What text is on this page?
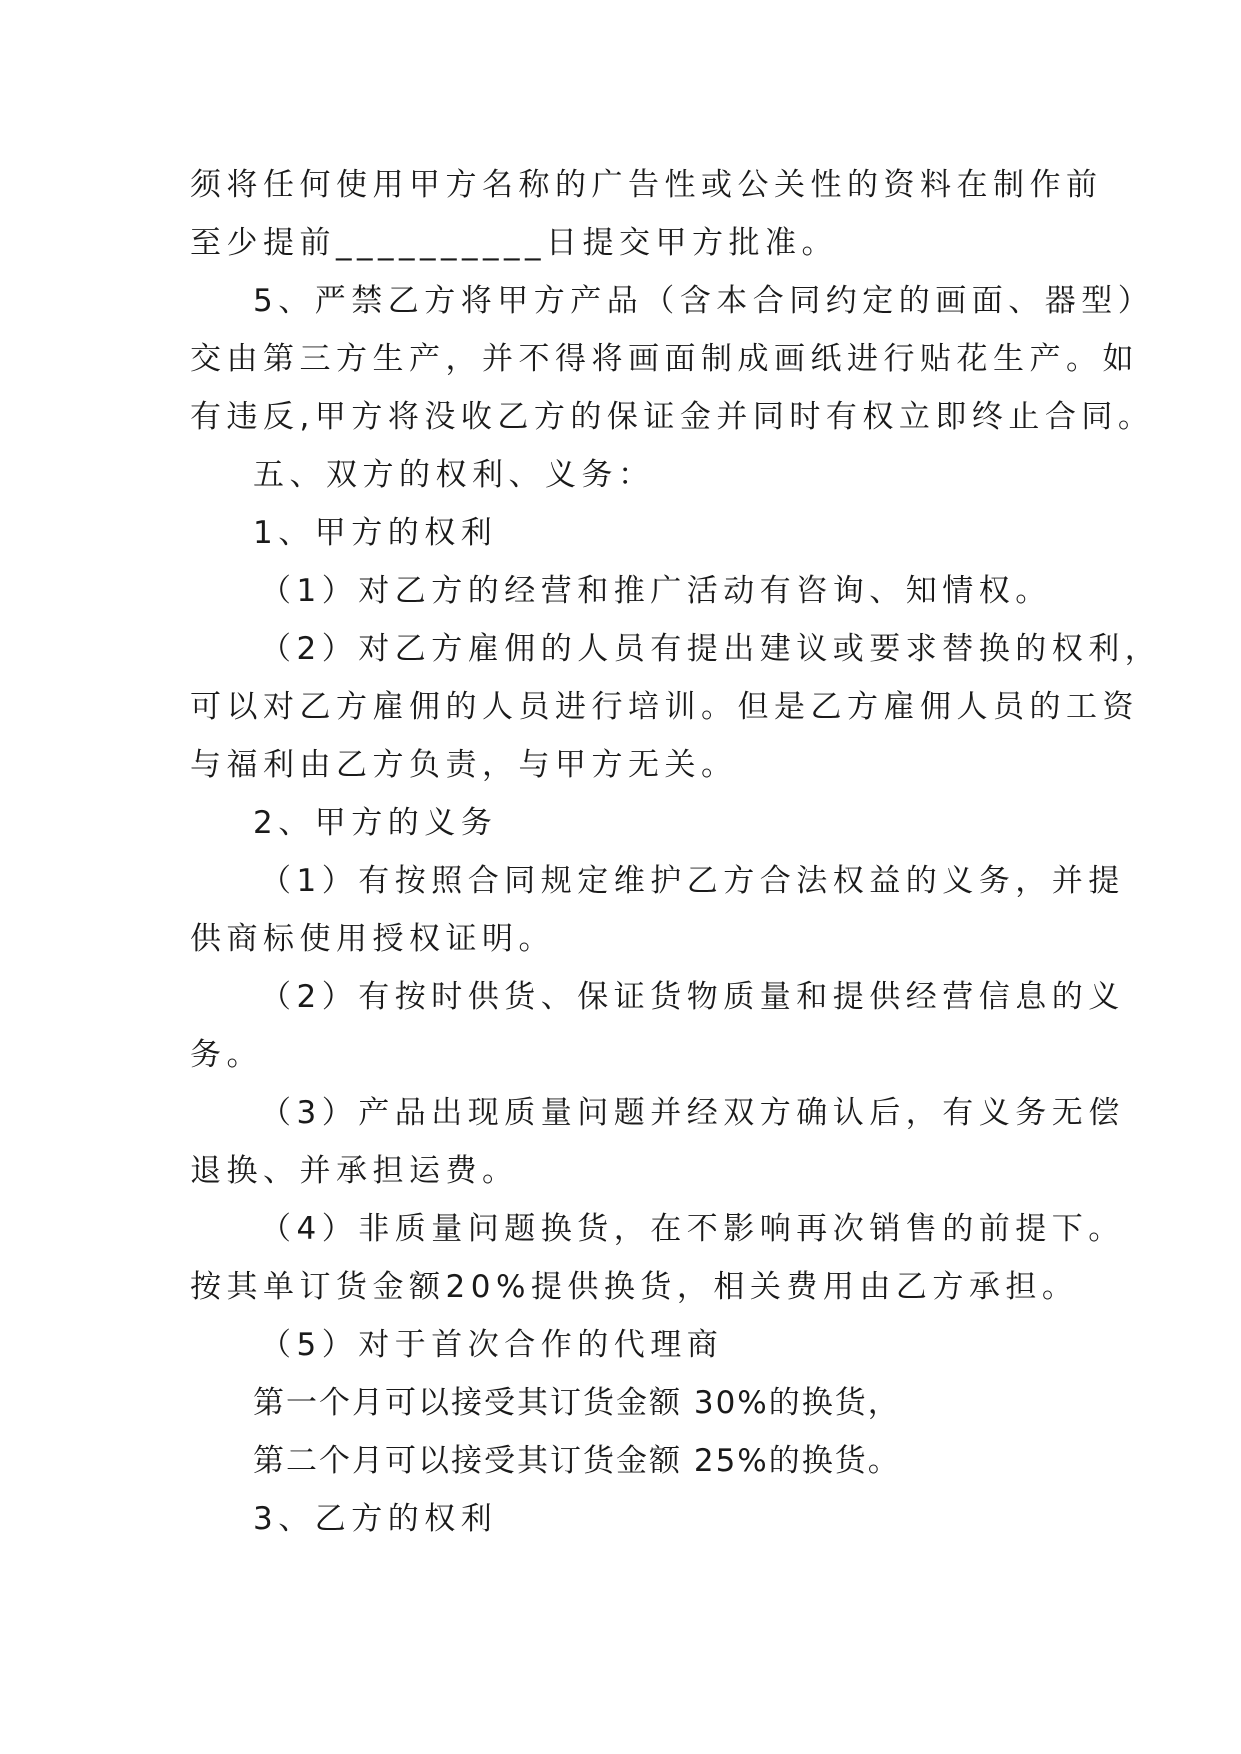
须将任何使用甲方名称的广告性或公关性的资料在制作前

至少提前__________日提交甲方批准。

5、严禁乙方将甲方产品（含本合同约定的画面、器型）

交由第三方生产，并不得将画面制成画纸进行贴花生产。如

有违反,甲方将没收乙方的保证金并同时有权立即终止合同。

五、双方的权利、义务：

1、甲方的权利

（1）对乙方的经营和推广活动有咨询、知情权。

（2）对乙方雇佣的人员有提出建议或要求替换的权利，

可以对乙方雇佣的人员进行培训。但是乙方雇佣人员的工资

与福利由乙方负责，与甲方无关。

2、甲方的义务

（1）有按照合同规定维护乙方合法权益的义务，并提

供商标使用授权证明。

（2）有按时供货、保证货物质量和提供经营信息的义

务。

（3）产品出现质量问题并经双方确认后，有义务无偿

退换、并承担运费。

（4）非质量问题换货，在不影响再次销售的前提下。

按其单订货金额20%提供换货，相关费用由乙方承担。

（5）对于首次合作的代理商

第一个月可以接受其订货金额 30%的换货，

第二个月可以接受其订货金额 25%的换货。

3、乙方的权利
